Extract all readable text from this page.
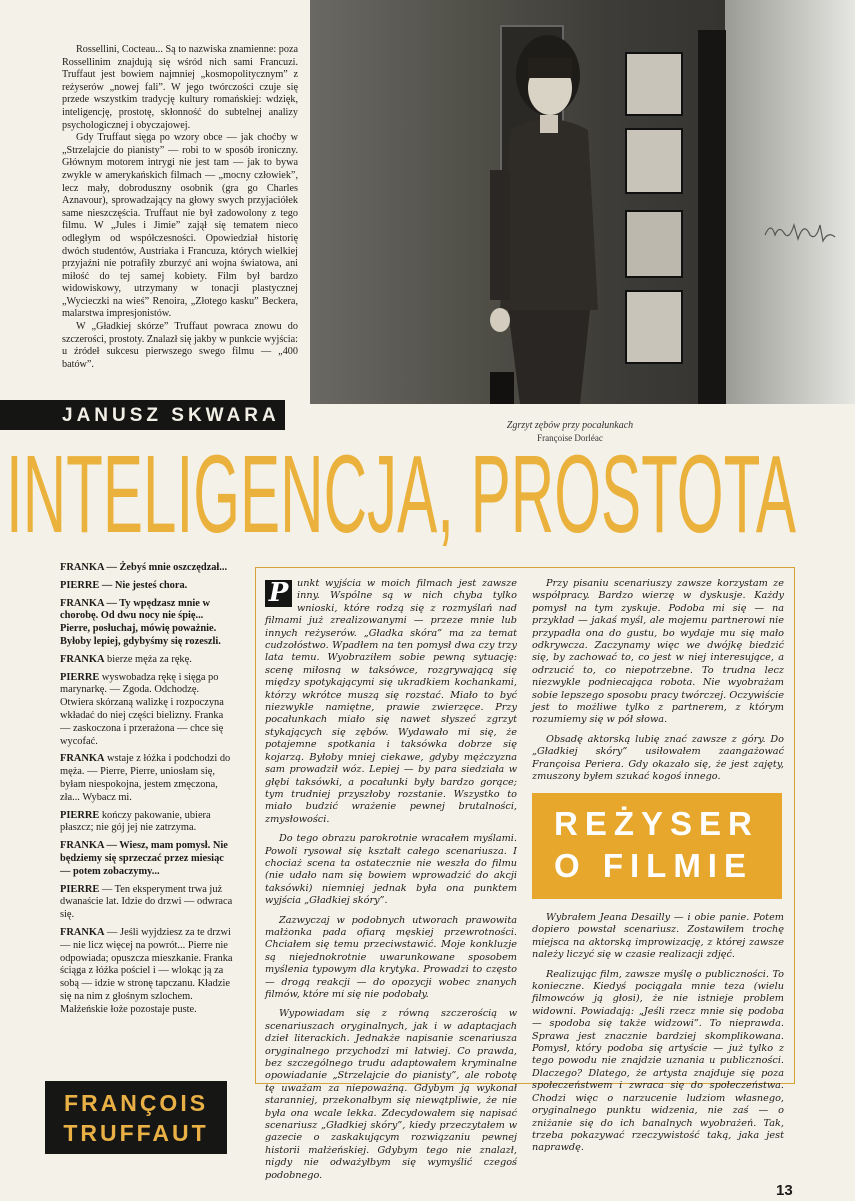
Rossellini, Cocteau... Są to nazwiska znamienne: poza Rossellinim znajdują się wśród nich sami Francuzi. Truffaut jest bowiem najmniej „kosmopolitycznym” z reżyserów „nowej fali”. W jego twórczości czuje się przede wszystkim tradycję kultury romańskiej: wdzięk, inteligencję, prostotę, skłonność do subtelnej analizy psychologicznej i obyczajowej.

Gdy Truffaut sięga po wzory obce — jak choćby w „Strzelajcie do pianisty” — robi to w sposób ironiczny. Głównym motorem intrygi nie jest tam — jak to bywa zwykle w amerykańskich filmach — „mocny człowiek”, lecz mały, dobroduszny osobnik (gra go Charles Aznavour), sprowadzający na głowy swych przyjaciółek same nieszczęścia. Truffaut nie był zadowolony z tego filmu. W „Jules i Jimie” zajął się tematem nieco odległym od współczesności. Opowiedział historię dwóch studentów, Austriaka i Francuza, których wielkiej przyjaźni nie potrafiły zburzyć ani wojna światowa, ani miłość do tej samej kobiety. Film był bardzo widowiskowy, utrzymany w tonacji plastycznej „Wycieczki na wieś” Renoira, „Złotego kasku” Beckera, malarstwa impresjonistów.

W „Gładkiej skórze” Truffaut powraca znowu do szczerości, prostoty. Znalazł się jakby w punkcie wyjścia: u źródeł sukcesu pierwszego swego filmu — „400 batów”.

JANUSZ SKWARA	Zgrzyt zębów przy pocałunkach
Françoise Dorléac
INTELIGENCJA, PROSTOTA

FRANKA — Żebyś mnie oszczędzał...

PIERRE — Nie jesteś chora.

FRANKA — Ty wpędzasz mnie w chorobę. Od dwu nocy nie śpię... Pierre, posłuchaj, mówię poważnie. Byłoby lepiej, gdybyśmy się rozeszli.

FRANKA bierze męża za rękę.

PIERRE wyswobadza rękę i sięga po marynarkę. — Zgoda. Odchodzę. Otwiera skórzaną walizkę i rozpoczyna wkładać do niej części bielizny. Franka — zaskoczona i przerażona — chce się wycofać.

FRANKA wstaje z łóżka i podchodzi do męża. — Pierre, Pierre, uniosłam się, byłam niespokojna, jestem zmęczona, zła... Wybacz mi.

PIERRE kończy pakowanie, ubiera płaszcz; nie gój jej nie zatrzyma.

FRANKA — Wiesz, mam pomysł. Nie będziemy się sprzeczać przez miesiąc — potem zobaczymy...

PIERRE — Ten eksperyment trwa już dwanaście lat. Idzie do drzwi — odwraca się.

FRANKA — Jeśli wyjdziesz za te drzwi — nie licz więcej na powrót... Pierre nie odpowiada; opuszcza mieszkanie. Franka ściąga z łóżka pościel i — wlokąc ją za sobą — idzie w stronę tapczanu. Kładzie się na nim z głośnym szlochem. Małżeńskie łoże pozostaje puste.

P unkt wyjścia w moich filmach jest zawsze inny. Wspólne są w nich chyba tylko wnioski, które rodzą się z rozmyślań nad filmami już zrealizowanymi — przeze mnie lub innych reżyserów. „Gładka skóra” ma za temat cudzołóstwo. Wpadłem na ten pomysł dwa czy trzy lata temu. Wyobraziłem sobie pewną sytuację: scenę miłosną w taksówce, rozgrywającą się między spotykającymi się ukradkiem kochankami, którzy wkrótce muszą się rozstać. Miało to być niezwykle namiętne, prawie zwierzęce. Przy pocałunkach miało się nawet słyszeć zgrzyt stykających się zębów. Wydawało mi się, że potajemne spotkania i taksówka dobrze się kojarzą. Byłoby mniej ciekawe, gdyby mężczyzna sam prowadził wóz. Lepiej — by para siedziała w głębi taksówki, a pocałunki były bardzo gorące; tym trudniej przyszłoby rozstanie. Wszystko to miało budzić wrażenie pewnej brutalności, zmysłowości.

Do tego obrazu parokrotnie wracałem myślami. Powoli rysował się kształt całego scenariusza. I chociaż scena ta ostatecznie nie weszła do filmu (nie udało nam się bowiem wprowadzić do akcji taksówki) niemniej jednak była ona punktem wyjścia „Gładkiej skóry”.

Zazwyczaj w podobnych utworach prawowita małżonka pada ofiarą męskiej przewrotności. Chciałem się temu przeciwstawić. Moje konkluzje są niejednokrotnie uwarunkowane sposobem myślenia typowym dla krytyka. Prowadzi to często — drogą reakcji — do opozycji wobec znanych filmów, które mi się nie podobały.

Wypowiadam się z równą szczerością w scenariuszach oryginalnych, jak i w adaptacjach dzieł literackich. Jednakże napisanie scenariusza oryginalnego przychodzi mi łatwiej. Co prawda, bez szczególnego trudu adaptowałem kryminalne opowiadanie „Strzelajcie do pianisty”, ale robotę tę uważam za niepoważną. Gdybym ją wykonał staranniej, przekonałbym się niewątpliwie, że nie była ona wcale lekka. Zdecydowałem się napisać scenariusz „Gładkiej skóry”, kiedy przeczytałem w gazecie o zaskakującym rozwiązaniu pewnej historii małżeńskiej. Gdybym tego nie znalazł, nigdy nie odważyłbym się wymyślić czegoś podobnego.

Przy pisaniu scenariuszy zawsze korzystam ze współpracy. Bardzo wierzę w dyskusje. Każdy pomysł na tym zyskuje. Podoba mi się — na przykład — jakaś myśl, ale mojemu partnerowi nie przypadła ona do gustu, bo wydaje mu się mało odkrywcza. Zaczynamy więc we dwójkę biedzić się, by zachować to, co jest w niej interesujące, a odrzucić to, co niepotrzebne. To trudna lecz niezwykle podniecająca robota. Nie wyobrażam sobie lepszego sposobu pracy twórczej. Oczywiście jest to możliwe tylko z partnerem, z którym rozumiemy się w pół słowa.

Obsadę aktorską lubię znać zawsze z góry. Do „Gładkiej skóry” usiłowałem zaangażować Françoisa Periera. Gdy okazało się, że jest zajęty, zmuszony byłem szukać kogoś innego.

REŻYSER
O FILMIE

Wybrałem Jeana Desailly — i obie panie. Potem dopiero powstał scenariusz. Zostawiłem trochę miejsca na aktorską improwizację, z której zawsze należy liczyć się w czasie realizacji zdjęć.

Realizując film, zawsze myślę o publiczności. To konieczne. Kiedyś pociągała mnie teza (wielu filmowców ją głosi), że nie istnieje problem widowni. Powiadają: „Jeśli rzecz mnie się podoba — spodoba się także widzowi”. To nieprawda. Sprawa jest znacznie bardziej skomplikowana. Pomysł, który podoba się artyście — już tylko z tego powodu nie znajdzie uznania u publiczności. Dlaczego? Dlatego, że artysta znajduje się poza społeczeństwem i zwraca się do społeczeństwa. Chodzi więc o narzucenie ludziom własnego, oryginalnego punktu widzenia, nie zaś — o zniżanie się do ich banalnych wyobrażeń. Tak, trzeba pokazywać rzeczywistość taką, jaka jest naprawdę.

FRANÇOIS
TRUFFAUT
13
